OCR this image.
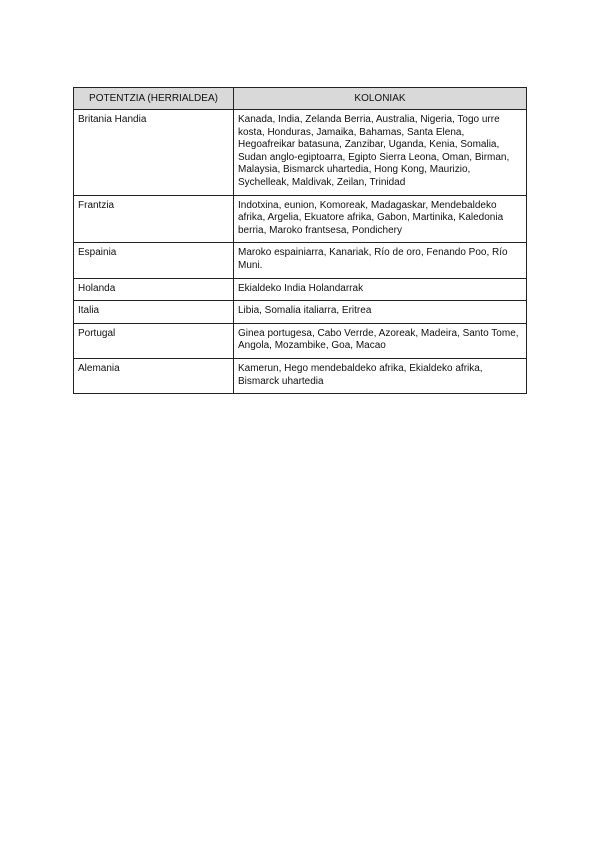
POTENTZIA (HERRIALDEA)	KOLONIAK
Britania Handia	Kanada, India, Zelanda Berria, Australia, Nigeria, Togo urre kosta, Honduras, Jamaika, Bahamas, Santa Elena, Hegoafreikar batasuna, Zanzibar, Uganda, Kenia, Somalia, Sudan anglo-egiptoarra, Egipto Sierra Leona, Oman, Birman, Malaysia, Bismarck uhartedia, Hong Kong, Maurizio, Sychelleak, Maldivak, Zeilan, Trinidad
Frantzia	Indotxina, eunion, Komoreak, Madagaskar, Mendebaldeko afrika, Argelia, Ekuatore afrika, Gabon, Martinika, Kaledonia berria, Maroko frantsesa, Pondichery
Espainia	Maroko espainiarra, Kanariak, Río de oro, Fenando Poo, Río Muni.
Holanda	Ekialdeko India Holandarrak
Italia	Libia, Somalia italiarra, Eritrea
Portugal	Ginea portugesa, Cabo Verrde, Azoreak, Madeira, Santo Tome, Angola, Mozambike, Goa, Macao
Alemania	Kamerun, Hego mendebaldeko afrika, Ekialdeko afrika, Bismarck uhartedia
